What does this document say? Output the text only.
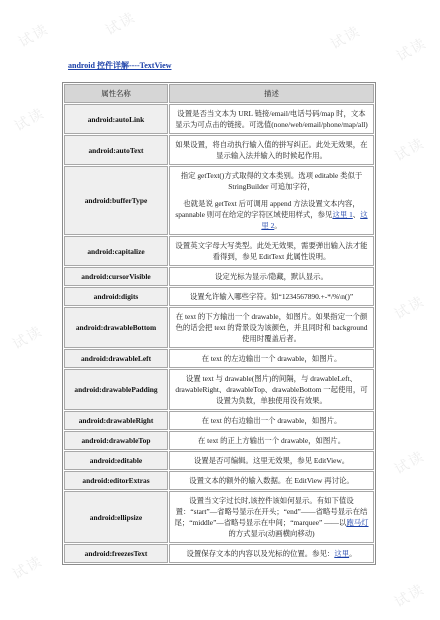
android 控件详解----TextView
属性名称	描述
android:autoLink	设置是否当文本为 URL 链接/email/电话号码/map 时，文本显示为可点击的链接。可选值(none/web/email/phone/map/all)
android:autoText	如果设置，将自动执行输入值的拼写纠正。此处无效果，在显示输入法并输入的时候起作用。
android:bufferType	指定 getText()方式取得的文本类别。选项 editable 类似于 StringBuilder 可追加字符，
也就是说 getText 后可调用 append 方法设置文本内容，spannable 则可在给定的字符区域使用样式，参见这里 1、这里 2。

android:capitalize	设置英文字母大写类型。此处无效果，需要弹出输入法才能看得到，参见 EditText 此属性说明。
android:cursorVisible	设定光标为显示/隐藏，默认显示。
android:digits	设置允许输入哪些字符。如“1234567890.+-*/%\n()”
android:drawableBottom	在 text 的下方输出一个 drawable，如图片。如果指定一个颜色的话会把 text 的背景设为该颜色，并且同时和 background 使用时覆盖后者。
android:drawableLeft	在 text 的左边输出一个 drawable，如图片。
android:drawablePadding	设置 text 与 drawable(图片)的间隔，与 drawableLeft、drawableRight、drawableTop、drawableBottom 一起使用，可设置为负数，单独使用没有效果。
android:drawableRight	在 text 的右边输出一个 drawable，如图片。
android:drawableTop	在 text 的正上方输出一个 drawable，如图片。
android:editable	设置是否可编辑。这里无效果，参见 EditView。
android:editorExtras	设置文本的额外的输入数据。在 EditView 再讨论。
android:ellipsize	设置当文字过长时,该控件该如何显示。有如下值设置：“start”—省略号显示在开头；“end”——省略号显示在结尾；“middle”—省略号显示在中间；“marquee” ——以跑马灯的方式显示(动画横向移动)
android:freezesText	设置保存文本的内容以及光标的位置。参见：这里。
试读	试读	试读 试读
试读
试读
试读
试读
试读
试读
试读
